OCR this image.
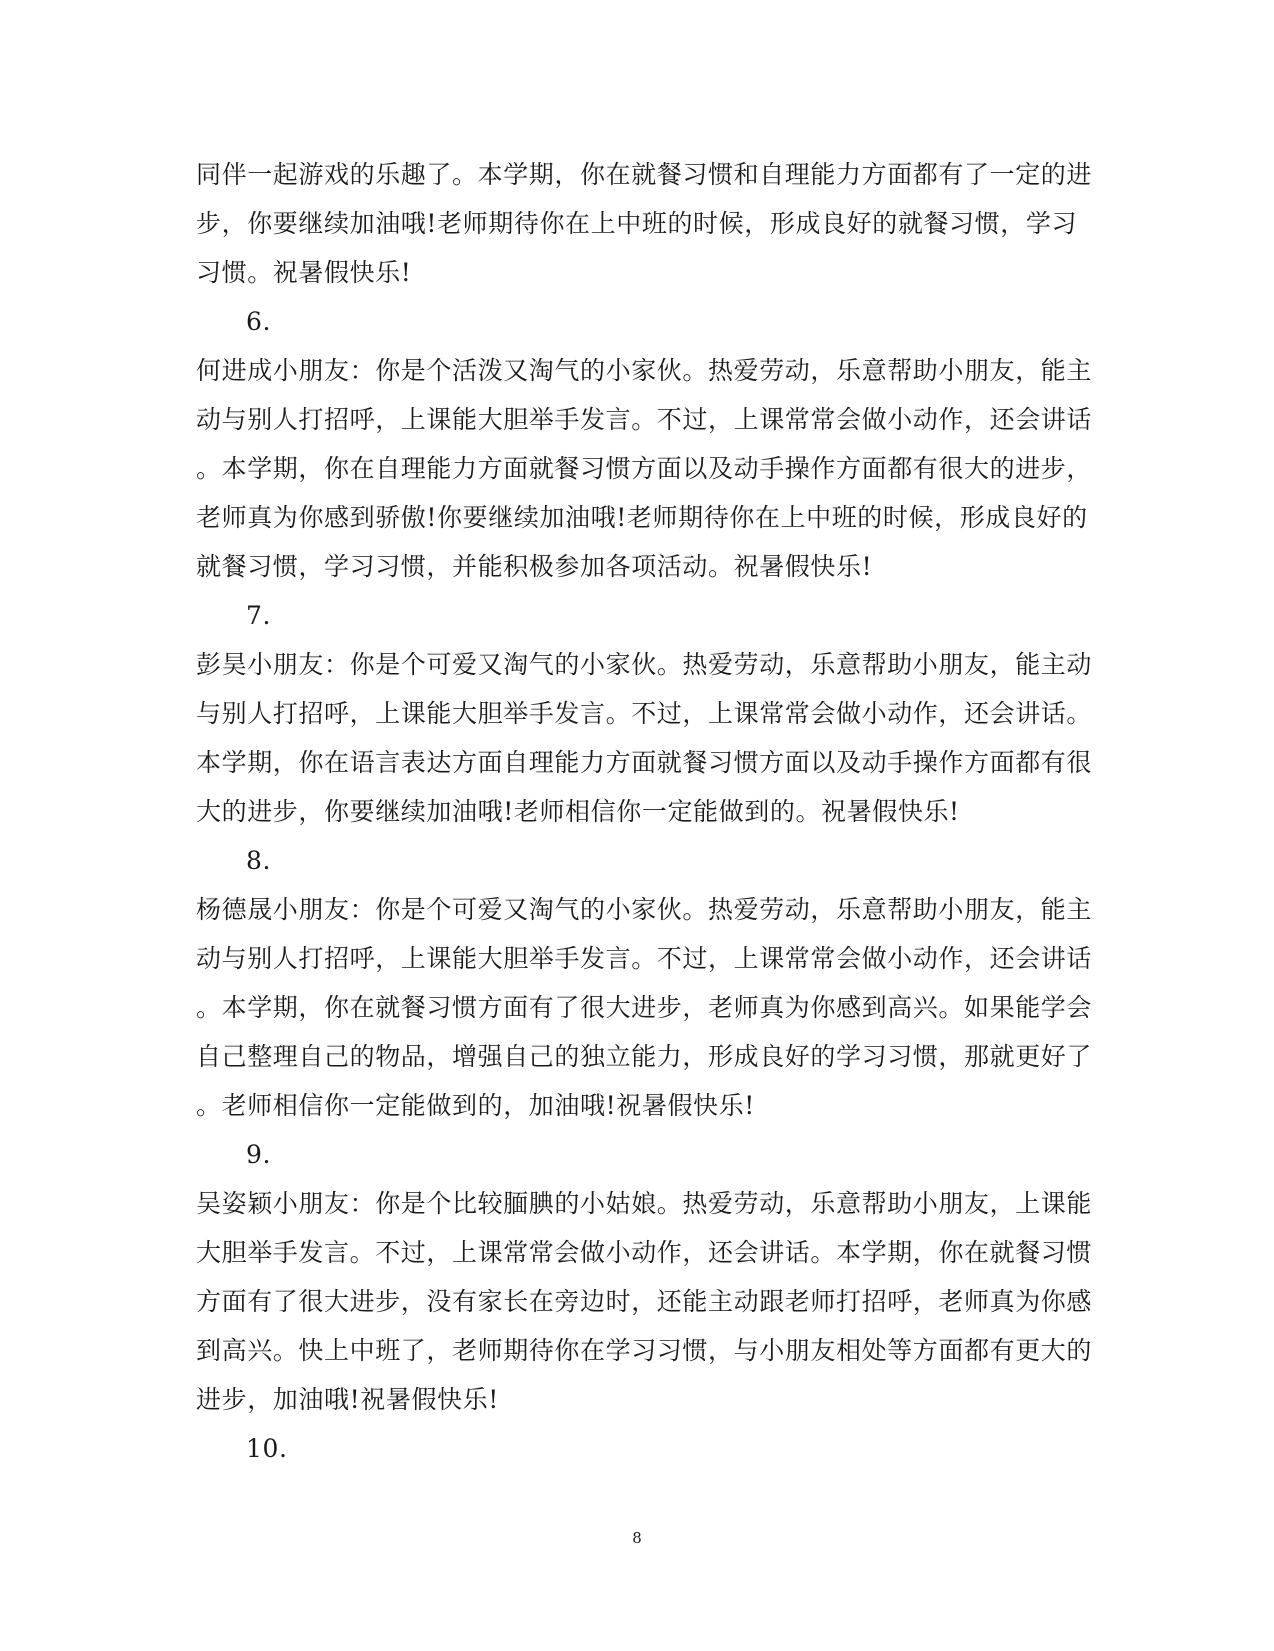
同伴一起游戏的乐趣了。本学期，你在就餐习惯和自理能力方面都有了一定的进
步，你要继续加油哦!老师期待你在上中班的时候，形成良好的就餐习惯，学习
习惯。祝暑假快乐!
6.
何进成小朋友：你是个活泼又淘气的小家伙。热爱劳动，乐意帮助小朋友，能主
动与别人打招呼，上课能大胆举手发言。不过，上课常常会做小动作，还会讲话
。本学期，你在自理能力方面就餐习惯方面以及动手操作方面都有很大的进步，
老师真为你感到骄傲!你要继续加油哦!老师期待你在上中班的时候，形成良好的
就餐习惯，学习习惯，并能积极参加各项活动。祝暑假快乐!
7.
彭昊小朋友：你是个可爱又淘气的小家伙。热爱劳动，乐意帮助小朋友，能主动
与别人打招呼，上课能大胆举手发言。不过，上课常常会做小动作，还会讲话。
本学期，你在语言表达方面自理能力方面就餐习惯方面以及动手操作方面都有很
大的进步，你要继续加油哦!老师相信你一定能做到的。祝暑假快乐!
8.
杨德晟小朋友：你是个可爱又淘气的小家伙。热爱劳动，乐意帮助小朋友，能主
动与别人打招呼，上课能大胆举手发言。不过，上课常常会做小动作，还会讲话
。本学期，你在就餐习惯方面有了很大进步，老师真为你感到高兴。如果能学会
自己整理自己的物品，增强自己的独立能力，形成良好的学习习惯，那就更好了
。老师相信你一定能做到的，加油哦!祝暑假快乐!
9.
吴姿颖小朋友：你是个比较腼腆的小姑娘。热爱劳动，乐意帮助小朋友，上课能
大胆举手发言。不过，上课常常会做小动作，还会讲话。本学期，你在就餐习惯
方面有了很大进步，没有家长在旁边时，还能主动跟老师打招呼，老师真为你感
到高兴。快上中班了，老师期待你在学习习惯，与小朋友相处等方面都有更大的
进步，加油哦!祝暑假快乐!
10.
8
